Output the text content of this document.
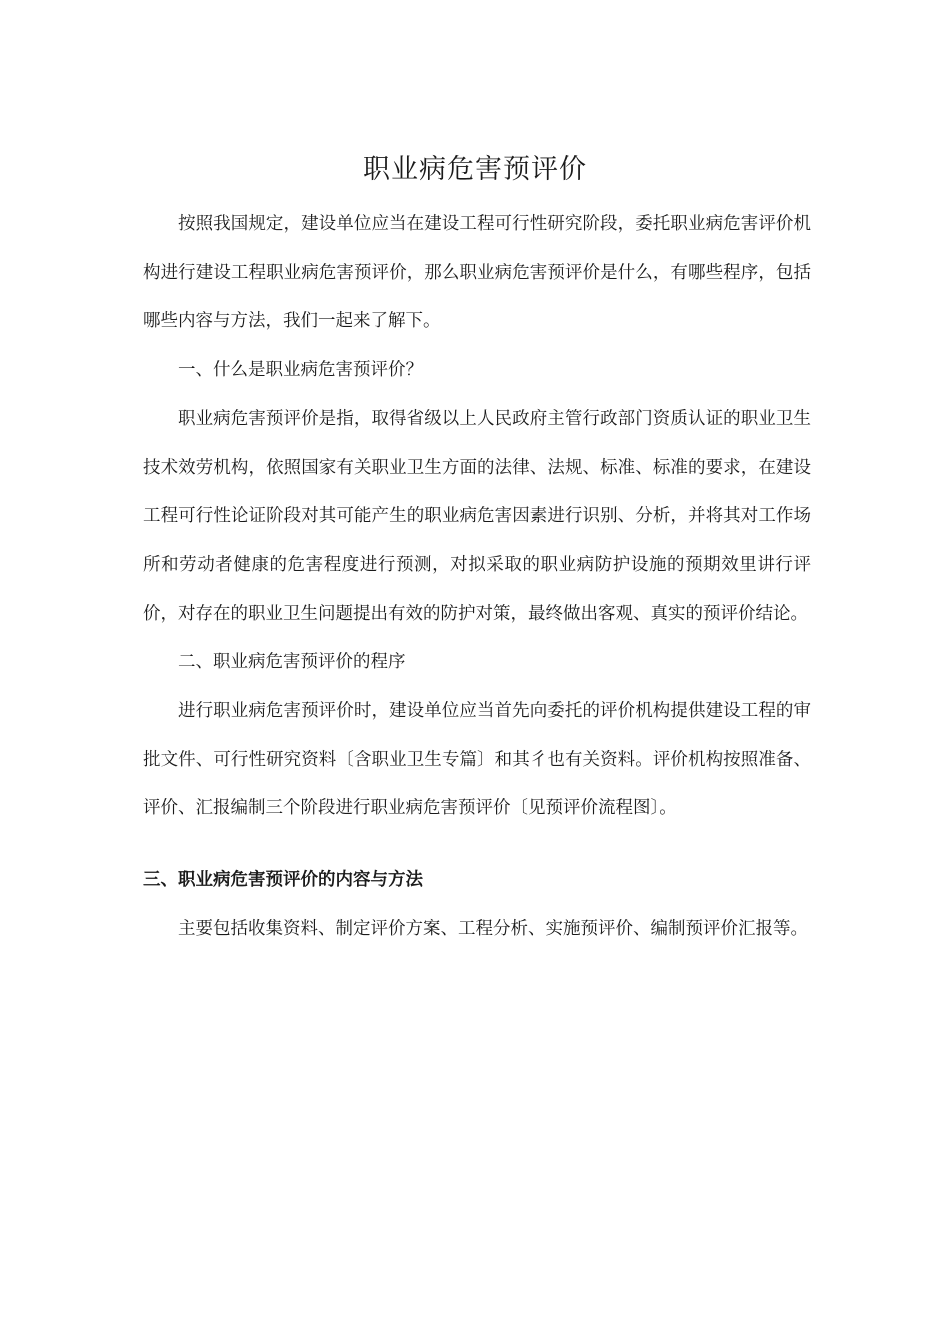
职业病危害预评价

按照我国规定，建设单位应当在建设工程可行性研究阶段，委托职业病危害评价机构进行建设工程职业病危害预评价，那么职业病危害预评价是什么，有哪些程序，包括哪些内容与方法，我们一起来了解下。

一、什么是职业病危害预评价？

职业病危害预评价是指，取得省级以上人民政府主管行政部门资质认证的职业卫生技术效劳机构，依照国家有关职业卫生方面的法律、法规、标准、标准的要求，在建设工程可行性论证阶段对其可能产生的职业病危害因素进行识别、分析，并将其对工作场所和劳动者健康的危害程度进行预测，对拟采取的职业病防护设施的预期效里讲行评价，对存在的职业卫生问题提出有效的防护对策，最终做出客观、真实的预评价结论。

二、职业病危害预评价的程序

进行职业病危害预评价时，建设单位应当首先向委托的评价机构提供建设工程的审批文件、可行性研究资料〔含职业卫生专篇〕和其彳也有关资料。评价机构按照准备、评价、汇报编制三个阶段进行职业病危害预评价〔见预评价流程图〕。

三、职业病危害预评价的内容与方法

主要包括收集资料、制定评价方案、工程分析、实施预评价、编制预评价汇报等。
